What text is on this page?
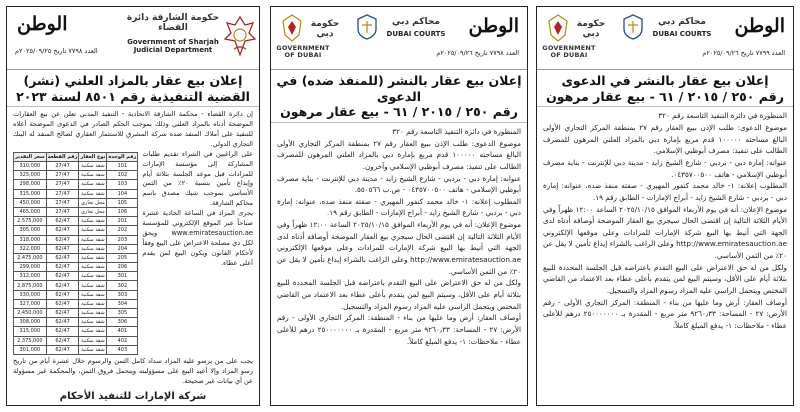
الوطن
العدد ٧٧٩٨ تاريخ ٢٠٢٥/٠٩/٢٥م
حكومة الشارقة دائرة القضاء
Government of Sharjah
Judicial Department
إعلان بيع عقار بالمزاد العلني (نشر)
القضية التنفيذية رقم ٨٥٠١ لسنة ٢٠٢٣

إن دائرة القضاء - محكمة الشارقة الاتحادية - التنفيذ المدني تعلن عن بيع العقارات الموضحة أدناه بالمزاد العلني وذلك بموجب الحكم الصادر في الدعوى الموضحة أعلاه للتنفيذ على أملاك المنفذ ضده شركة المشرق للاستثمار العقاري لصالح المنفذ له البنك التجاري الدولي.

رقم الوحدة	نوع العقار	رقم القطعة	سعر التقدير
101	شقة سكنية	27/47	310,000
102	شقة سكنية	27/47	325,000
103	شقة سكنية	27/47	298,000
104	شقة سكنية	27/47	315,000
105	محل تجاري	27/47	450,000
106	محل تجاري	27/47	465,000
201	شقة سكنية	62/47	2,575,000
202	شقة سكنية	62/47	305,000
203	شقة سكنية	62/47	318,000
204	شقة سكنية	62/47	322,000
205	شقة سكنية	62/47	2,475,000
206	شقة سكنية	62/47	299,000
301	شقة سكنية	62/47	312,000
302	شقة سكنية	62/47	2,875,000
303	شقة سكنية	62/47	330,000
304	شقة سكنية	62/47	327,000
305	شقة سكنية	62/47	2,450,000
306	شقة سكنية	62/47	308,000
401	شقة سكنية	62/47	315,000
402	شقة سكنية	62/47	2,375,000
403	شقة سكنية	62/47	301,000

على الراغبين في الشراء تقديم طلبات المشاركة إلى مؤسسة الإمارات للمزادات قبل موعد الجلسة بثلاثة أيام وإيداع تأمين بنسبة ٢٠٪ من الثمن الأساسي بموجب شيك مصدق باسم محاكم الشارقة.

يجرى المزاد في الساعة الحادية عشرة صباحاً عبر الموقع الإلكتروني للمؤسسة www.emiratesauction.ae ويحق لكل ذي مصلحة الاعتراض على البيع وفقاً لأحكام القانون ويكون البيع لمن يقدم أعلى عطاء.

يجب على من يرسو عليه المزاد سداد كامل الثمن والرسوم خلال عشرة أيام من تاريخ رسو المزاد وإلا أعيد البيع على مسؤوليته ويتحمل فروق الثمن، والمحكمة غير مسؤولة عن أي بيانات غير صحيحة.

شركة الإمارات للتنفيذ الأحكام
الوطن
العدد ٧٧٩٨ تاريخ ٢٠٢٥/٠٩/٢٦م
GOVERNMENT OF DUBAI
حكومة دبي
محاكم دبي
DUBAI COURTS
إعلان بيع عقار بالنشر (للمنفذ ضده) في الدعوى
رقم ٢٥٠ / ٢٠١٥ / ٦١ - بيع عقار مرهون

المنظورة في دائرة التنفيذ التاسعة رقم ٣٢٠

موضوع الدعوى: طلب الإذن ببيع العقار رقم ٢٧ بمنطقة المركز التجاري الأولى البالغ مساحته ١٠٠٠٠٠ قدم مربع بإمارة دبي بالمزاد العلني المرهون للمصرف الطالب على تنفيذ: مصرف أبوظبي الإسلامي وآخرون.

عنوانه: إمارة دبي - بردبي - شارع الشيخ زايد - مدينة دبي للإنترنت - بناية مصرف أبوظبي الإسلامي - هاتف ٠٤٣٥٧٠٠٥٠٠ - ص.ب ٥٥٠٥٦٦.

المطلوب إعلانه: ١- خالد محمد كنفور المهيري - صفته منفذ ضده، عنوانه: إمارة دبي - بردبي - شارع الشيخ زايد - أبراج الإمارات - الطابق رقم ١٩.

موضوع الإعلان: أنه في يوم الأربعاء الموافق ٢٠٢٥/١٠/١٥ الساعة ١٢:٠٠ ظهراً وفي الأيام الثلاثة التالية إن اقتضى الحال سيجري بيع العقار الموضحة أوصافه أدناه لدى الجهة التي أنيط بها البيع شركة الإمارات للمزادات وعلى موقعها الإلكتروني http://www.emiratesauction.ae وعلى الراغب بالشراء إيداع تأمين لا يقل عن ٢٠٪ من الثمن الأساسي.

ولكل من له حق الاعتراض على البيع التقدم باعتراضه قبل الجلسة المحددة للبيع بثلاثة أيام على الأقل، وسيتم البيع لمن يتقدم بأعلى عطاء بعد الاعتماد من القاضي المختص ويتحمل الراسي عليه المزاد رسوم المزاد والتسجيل.

أوصاف العقار: أرض وما عليها من بناء - المنطقة: المركز التجاري الأولى - رقم الأرض: ٢٧ - المساحة: ٩٢٦٠٫٣٣ متر مربع - المقدرة بـ ٢٥٠٠٠٠٠٠٠ درهم للأعلى عطاء - ملاحظات: ١- يدفع المبلغ كاملاً.

الوطن
العدد ٧٧٩٩ تاريخ ٢٠٢٥/٠٩/٢٦م
GOVERNMENT OF DUBAI
حكومة دبي
محاكم دبي
DUBAI COURTS
إعلان بيع عقار بالنشر في الدعوى
رقم ٢٥٠ / ٢٠١٥ / ٦١ - بيع عقار مرهون

المنظورة في دائرة التنفيذ التاسعة رقم ٣٢٠

موضوع الدعوى: طلب الإذن ببيع العقار رقم ٢٧ بمنطقة المركز التجاري الأولى البالغ مساحته ١٠٠٠٠٠ قدم مربع بإمارة دبي بالمزاد العلني المرهون للمصرف الطالب على تنفيذ: مصرف أبوظبي الإسلامي.

عنوانه: إمارة دبي - بردبي - شارع الشيخ زايد - مدينة دبي للإنترنت - بناية مصرف أبوظبي الإسلامي - هاتف ٠٤٣٥٧٠٠٥٠٠.

المطلوب إعلانه: ١- خالد محمد كنفور المهيري - صفته منفذ ضده، عنوانه: إمارة دبي - بردبي - شارع الشيخ زايد - أبراج الإمارات - الطابق رقم ١٩.

موضوع الإعلان: أنه في يوم الأربعاء الموافق ٢٠٢٥/١٠/١٥ الساعة ١٢:٠٠ ظهراً وفي الأيام الثلاثة التالية إن اقتضى الحال سيجري بيع العقار الموضحة أوصافه أدناه لدى الجهة التي أنيط بها البيع شركة الإمارات للمزادات وعلى موقعها الإلكتروني http://www.emiratesauction.ae وعلى الراغب بالشراء إيداع تأمين لا يقل عن ٢٠٪ من الثمن الأساسي.

ولكل من له حق الاعتراض على البيع التقدم باعتراضه قبل الجلسة المحددة للبيع بثلاثة أيام على الأقل، وسيتم البيع لمن يتقدم بأعلى عطاء بعد الاعتماد من القاضي المختص ويتحمل الراسي عليه المزاد رسوم المزاد والتسجيل.

أوصاف العقار: أرض وما عليها من بناء - المنطقة: المركز التجاري الأولى - رقم الأرض: ٢٧ - المساحة: ٩٢٦٠٫٣٣ متر مربع - المقدرة بـ ٢٥٠٠٠٠٠٠٠ درهم للأعلى عطاء - ملاحظات: ١- يدفع المبلغ كاملاً.
